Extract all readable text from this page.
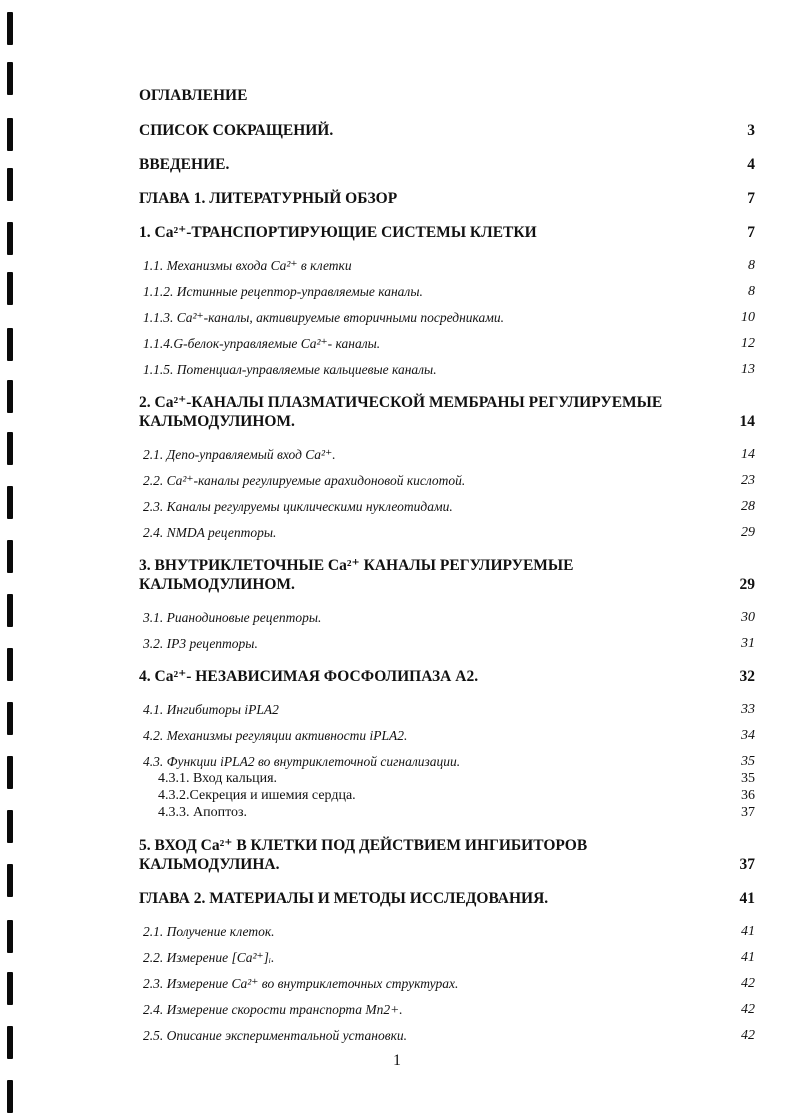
ОГЛАВЛЕНИЕ
СПИСОК СОКРАЩЕНИЙ.	3
ВВЕДЕНИЕ.	4
ГЛАВА 1. ЛИТЕРАТУРНЫЙ ОБЗОР	7
1. Ca²⁺-ТРАНСПОРТИРУЮЩИЕ СИСТЕМЫ КЛЕТКИ	7
1.1. Механизмы входа Ca²⁺ в клетки	8
1.1.2. Истинные рецептор-управляемые каналы.	8
1.1.3. Ca²⁺-каналы, активируемые вторичными посредниками.	10
1.1.4.G-белок-управляемые Ca²⁺- каналы.	12
1.1.5. Потенциал-управляемые кальциевые каналы.	13
2. Ca²⁺-КАНАЛЫ ПЛАЗМАТИЧЕСКОЙ МЕМБРАНЫ РЕГУЛИРУЕМЫЕ КАЛЬМОДУЛИНОМ.	14
2.1. Депо-управляемый вход Ca²⁺.	14
2.2. Ca²⁺-каналы регулируемые арахидоновой кислотой.	23
2.3. Каналы регулруемы циклическими нуклеотидами.	28
2.4. NMDA рецепторы.	29
3. ВНУТРИКЛЕТОЧНЫЕ Ca²⁺ КАНАЛЫ РЕГУЛИРУЕМЫЕ КАЛЬМОДУЛИНОМ.	29
3.1. Рианодиновые рецепторы.	30
3.2. IP3 рецепторы.	31
4. Ca²⁺- НЕЗАВИСИМАЯ ФОСФОЛИПАЗА А2.	32
4.1. Ингибиторы iPLA2	33
4.2. Механизмы регуляции активности iPLA2.	34
4.3. Функции iPLA2 во внутриклеточной сигнализации.	35
4.3.1. Вход кальция.	35
4.3.2.Секреция и ишемия сердца.	36
4.3.3. Апоптоз.	37
5. ВХОД Ca²⁺ В КЛЕТКИ ПОД ДЕЙСТВИЕМ ИНГИБИТОРОВ КАЛЬМОДУЛИНА.	37
ГЛАВА 2. МАТЕРИАЛЫ И МЕТОДЫ ИССЛЕДОВАНИЯ.	41
2.1. Получение клеток.	41
2.2. Измерение [Ca²⁺]ᵢ.	41
2.3. Измерение Ca²⁺ во внутриклеточных структурах.	42
2.4. Измерение скорости транспорта Mn2+.	42
2.5. Описание экспериментальной установки.	42
1
